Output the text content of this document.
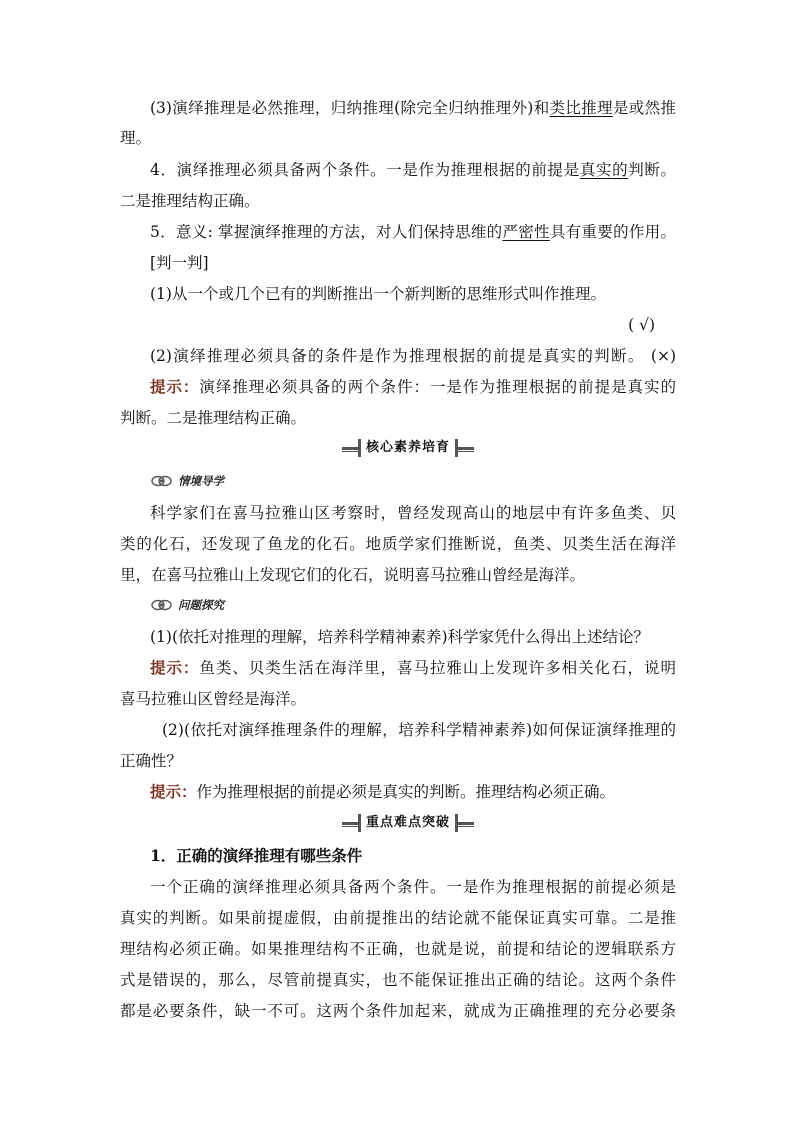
(3)演绎推理是必然推理，归纳推理(除完全归纳推理外)和类比推理是或然推
理。
4．演绎推理必须具备两个条件。一是作为推理根据的前提是真实的判断。
二是推理结构正确。
5．意义: 掌握演绎推理的方法，对人们保持思维的严密性具有重要的作用。
[判一判]
(1)从一个或几个已有的判断推出一个新判断的思维形式叫作推理。
( √)
(2)演绎推理必须具备的条件是作为推理根据的前提是真实的判断。 (×)
提示：演绎推理必须具备的两个条件：一是作为推理根据的前提是真实的
判断。二是推理结构正确。
核心素养培育
情境导学
科学家们在喜马拉雅山区考察时，曾经发现高山的地层中有许多鱼类、贝
类的化石，还发现了鱼龙的化石。地质学家们推断说，鱼类、贝类生活在海洋
里，在喜马拉雅山上发现它们的化石，说明喜马拉雅山曾经是海洋。
问题探究
(1)(依托对推理的理解，培养科学精神素养)科学家凭什么得出上述结论？
提示：鱼类、贝类生活在海洋里，喜马拉雅山上发现许多相关化石，说明
喜马拉雅山区曾经是海洋。
(2)(依托对演绎推理条件的理解，培养科学精神素养)如何保证演绎推理的
正确性？
提示：作为推理根据的前提必须是真实的判断。推理结构必须正确。
重点难点突破
1．正确的演绎推理有哪些条件
一个正确的演绎推理必须具备两个条件。一是作为推理根据的前提必须是
真实的判断。如果前提虚假，由前提推出的结论就不能保证真实可靠。二是推
理结构必须正确。如果推理结构不正确，也就是说，前提和结论的逻辑联系方
式是错误的，那么，尽管前提真实，也不能保证推出正确的结论。这两个条件
都是必要条件，缺一不可。这两个条件加起来，就成为正确推理的充分必要条
